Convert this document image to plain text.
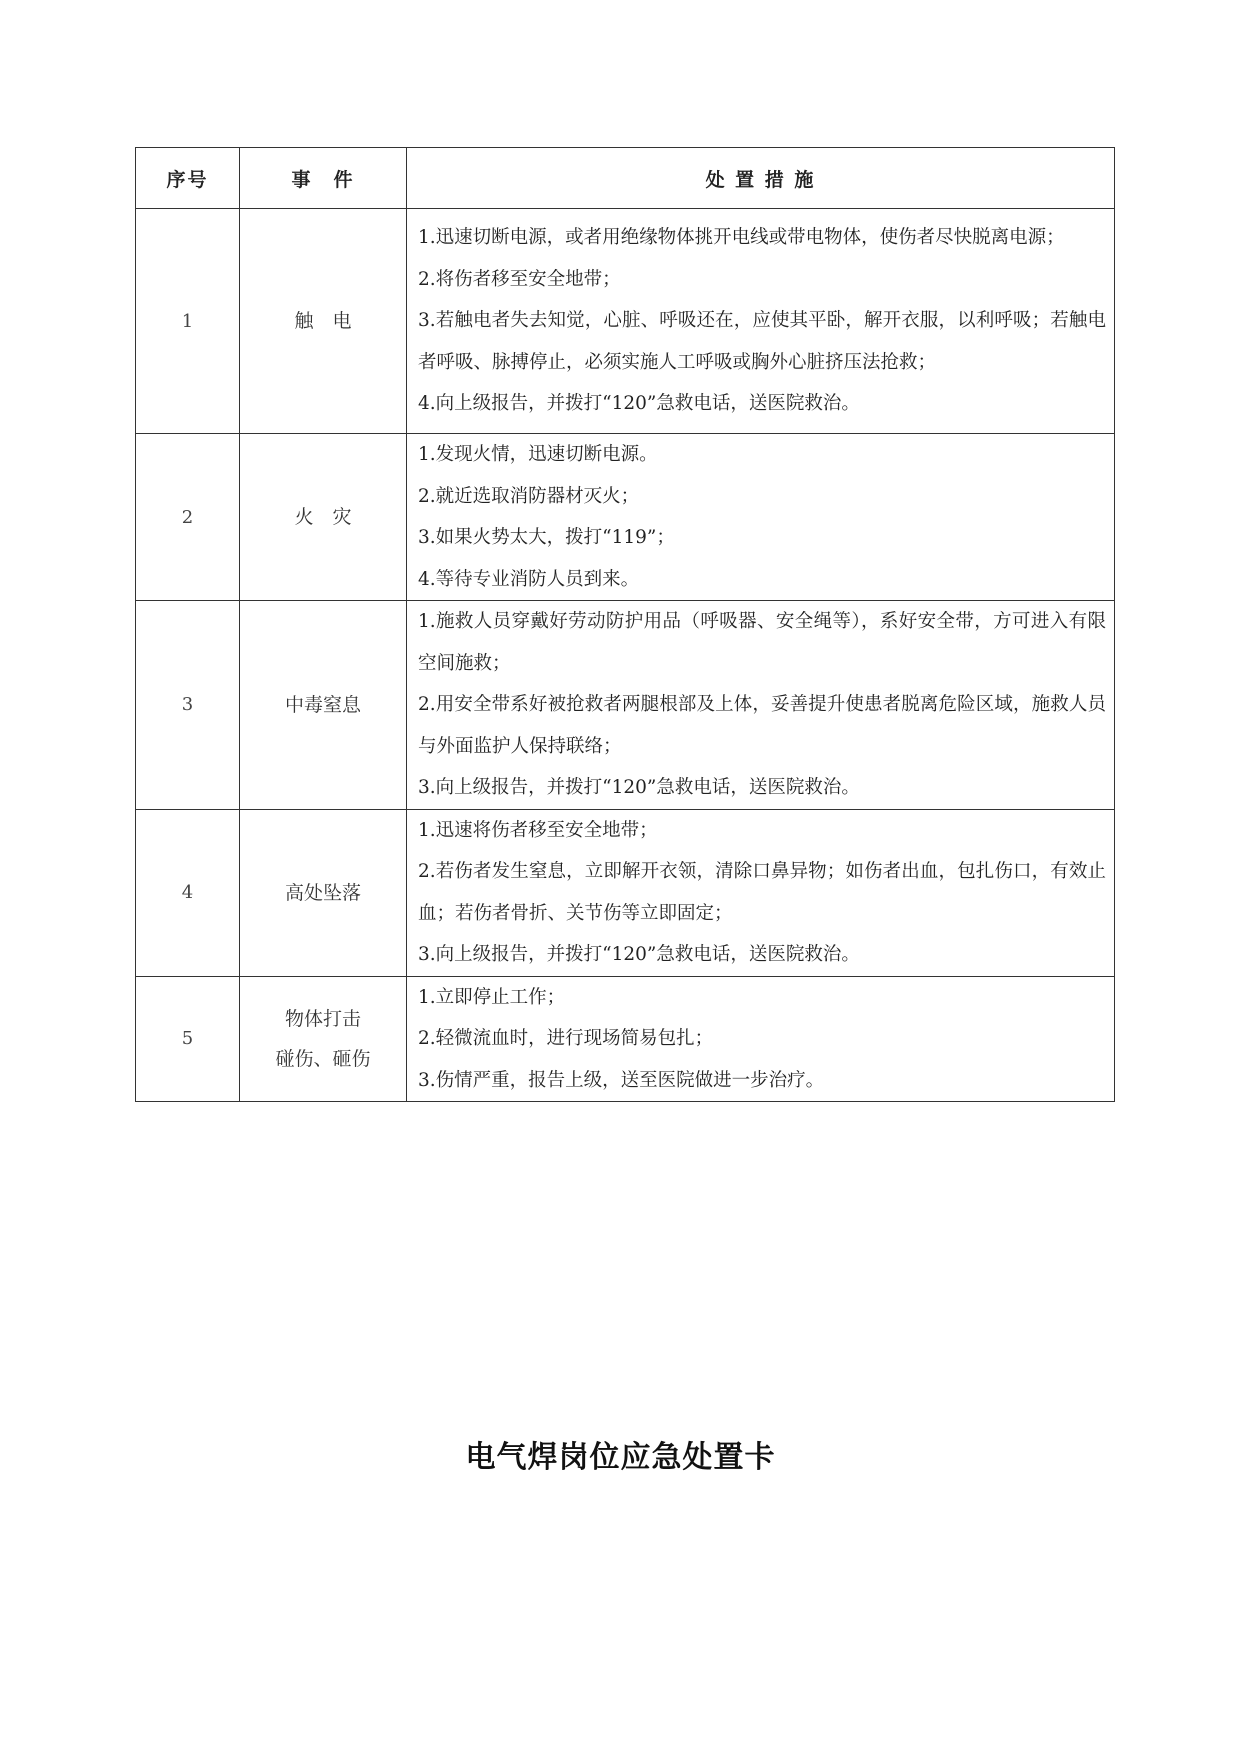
序号	事　件	处 置 措 施
1	触　电	1.迅速切断电源，或者用绝缘物体挑开电线或带电物体，使伤者尽快脱离电源；
2.将伤者移至安全地带；
3.若触电者失去知觉，心脏、呼吸还在，应使其平卧，解开衣服，以利呼吸；若触电者呼吸、脉搏停止，必须实施人工呼吸或胸外心脏挤压法抢救；
4.向上级报告，并拨打“120”急救电话，送医院救治。

2	火　灾	1.发现火情，迅速切断电源。
2.就近选取消防器材灭火；
3.如果火势太大，拨打“119”；
4.等待专业消防人员到来。

3	中毒窒息	1.施救人员穿戴好劳动防护用品（呼吸器、安全绳等），系好安全带，方可进入有限空间施救；
2.用安全带系好被抢救者两腿根部及上体，妥善提升使患者脱离危险区域，施救人员与外面监护人保持联络；
3.向上级报告，并拨打“120”急救电话，送医院救治。

4	高处坠落	1.迅速将伤者移至安全地带；
2.若伤者发生窒息，立即解开衣领，清除口鼻异物；如伤者出血，包扎伤口，有效止血；若伤者骨折、关节伤等立即固定；
3.向上级报告，并拨打“120”急救电话，送医院救治。

5	物体打击
碰伤、砸伤	1.立即停止工作；
2.轻微流血时，进行现场简易包扎；
3.伤情严重，报告上级，送至医院做进一步治疗。
电气焊岗位应急处置卡
